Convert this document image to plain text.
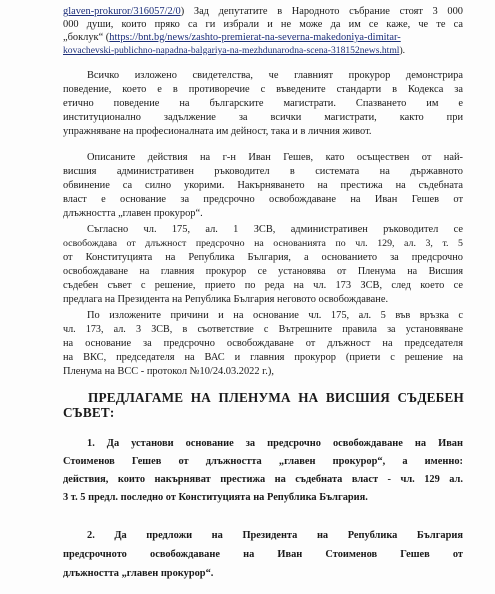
glaven-prokuror/316057/2/0) Зад депутатите в Народното събрание стоят 3 000
000 души, които пряко са ги избрали и не може да им се каже, че те са
„боклук“ (https://bnt.bg/news/zashto-premierat-na-severna-makedoniya-dimitar-
kovachevski-publichno-napadna-balgariya-na-mezhdunarodna-scena-318152news.html).
Всичко изложено свидетелства, че главният прокурор демонстрира
поведение, което е в противоречие с въведените стандарти в Кодекса за
етично поведение на българските магистрати. Спазването им е
институционално задължение за всички магистрати, както при
упражняване на професионалната им дейност, така и в личния живот.
Описаните действия на г-н Иван Гешев, като осъществен от най-
висшия административен ръководител в системата на държавното
обвинение са силно укорими. Накърняването на престижа на съдебната
власт е основание за предсрочно освобождаване на Иван Гешев от
длъжността „главен прокурор“.
Съгласно чл. 175, ал. 1 ЗСВ, административен ръководител се
освобождава от длъжност предсрочно на основанията по чл. 129, ал. 3, т. 5
от Конституцията на Република България, а основанието за предсрочно
освобождаване на главния прокурор се установява от Пленума на Висшия
съдебен съвет с решение, прието по реда на чл. 173 ЗСВ, след което се
предлага на Президента на Република България неговото освобождаване.
По изложените причини и на основание чл. 175, ал. 5 във връзка с
чл. 173, ал. 3 ЗСВ, в съответствие с Вътрешните правила за установяване
на основание за предсрочно освобождаване от длъжност на председателя
на ВКС, председателя на ВАС и главния прокурор (приети с решение на
Пленума на ВСС - протокол №10/24.03.2022 г.),
ПРЕДЛАГАМЕ НА ПЛЕНУМА НА ВИСШИЯ СЪДЕБЕН
СЪВЕТ:
1. Да установи основание за предсрочно освобождаване на Иван
Стоименов Гешев от длъжността „главен прокурор“, а именно:
действия, които накърняват престижа на съдебната власт - чл. 129 ал.
3 т. 5 предл. последно от Конституцията на Република България.
2. Да предложи на Президента на Република България
предсрочното освобождаване на Иван Стоименов Гешев от
длъжността „главен прокурор“.
